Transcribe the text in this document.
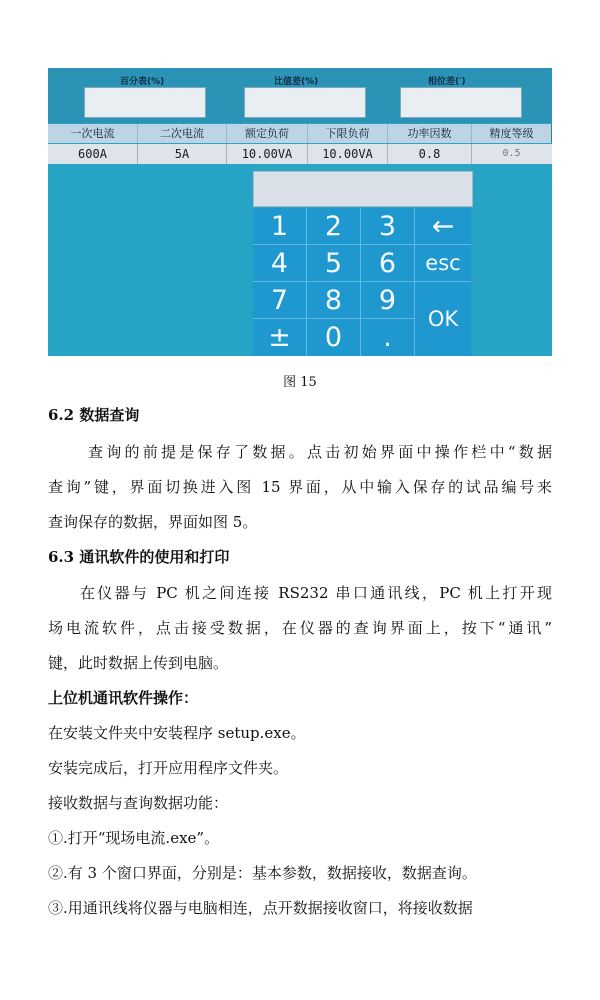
百分表(%)	比值差(%)	相位差(′)
一次电流	二次电流	额定负荷	下限负荷	功率因数	精度等级
600A	5A	10.00VA	10.00VA	0.8	0.5
1	2	3	←
4	5	6	esc
7	8	9
OK
±	0	.
图 15
6.2 数据查询
查询的前提是保存了数据。点击初始界面中操作栏中“数据
查询”键，界面切换进入图 15 界面，从中输入保存的试品编号来
查询保存的数据，界面如图 5。
6.3 通讯软件的使用和打印
在仪器与 PC 机之间连接 RS232 串口通讯线，PC 机上打开现
场电流软件，点击接受数据，在仪器的查询界面上，按下“通讯”
键，此时数据上传到电脑。
上位机通讯软件操作：
在安装文件夹中安装程序 setup.exe。
安装完成后，打开应用程序文件夹。
接收数据与查询数据功能：
①.打开“现场电流.exe”。
②.有 3 个窗口界面，分别是：基本参数，数据接收，数据查询。
③.用通讯线将仪器与电脑相连，点开数据接收窗口，将接收数据
